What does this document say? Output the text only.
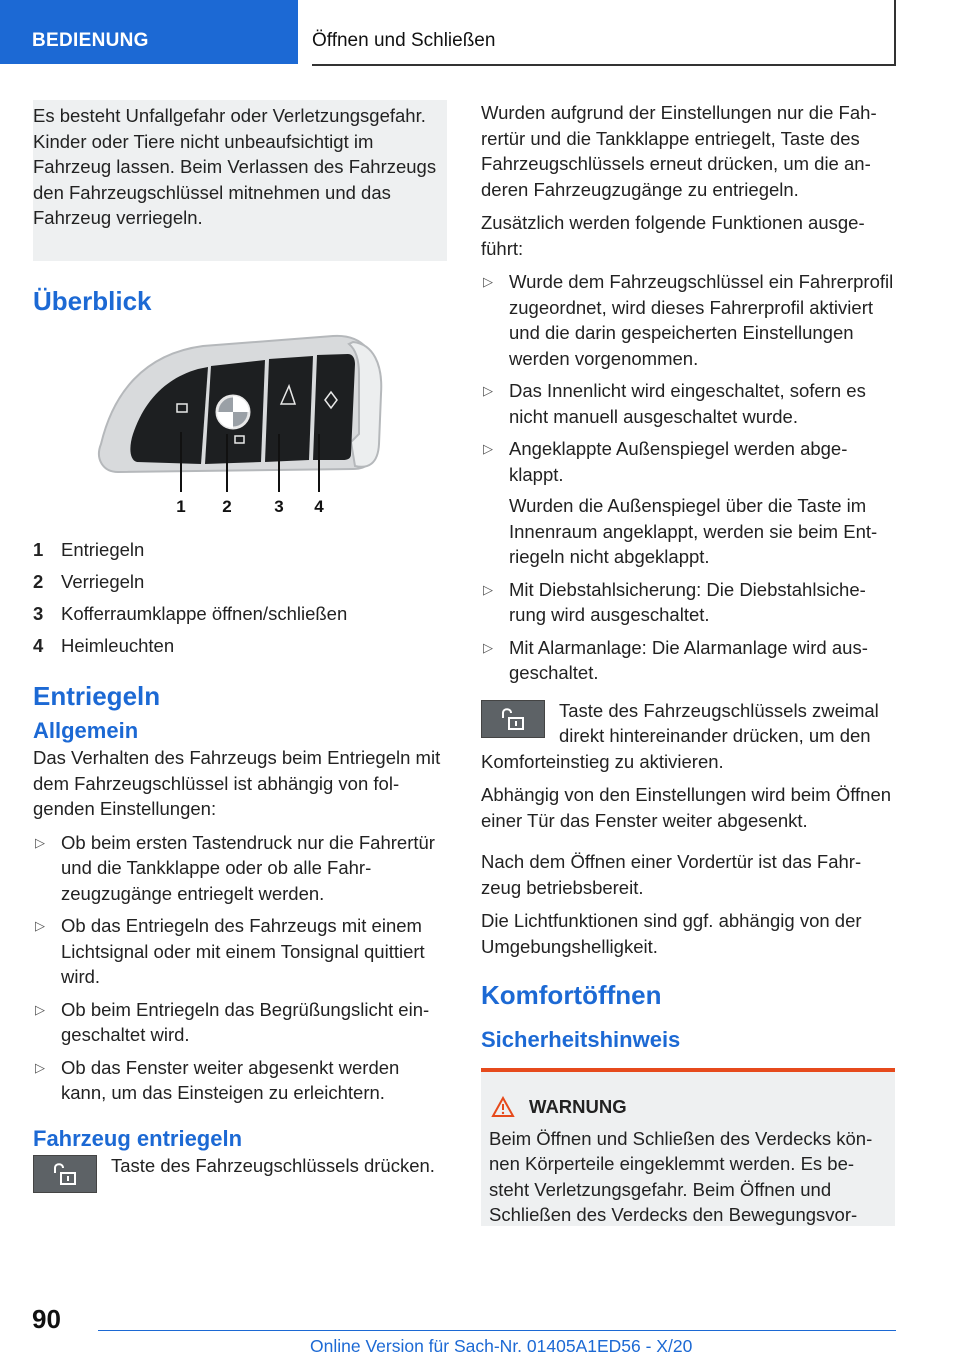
BEDIENUNG	Öffnen und Schließen

Es besteht Unfallgefahr oder Verletzungsgefahr. Kinder oder Tiere nicht unbeaufsichtigt im Fahrzeug lassen. Beim Verlassen des Fahrzeugs den Fahrzeugschlüssel mitnehmen und das Fahrzeug verriegeln.

Überblick
1 2	3 4
1 Entriegeln
2 Verriegeln
3 Kofferraumklappe öffnen/schließen
4 Heimleuchten
Entriegeln
Allgemein

Das Verhalten des Fahrzeugs beim Entriegeln mit dem Fahrzeugschlüssel ist abhängig von folgenden Einstellungen:

▷ Ob beim ersten Tastendruck nur die Fahrertür und die Tankklappe oder ob alle Fahrzeugzugänge entriegelt werden.
▷ Ob das Entriegeln des Fahrzeugs mit einem Lichtsignal oder mit einem Tonsignal quittiert wird.
▷ Ob beim Entriegeln das Begrüßungslicht eingeschaltet wird.
▷ Ob das Fenster weiter abgesenkt werden kann, um das Einsteigen zu erleichtern.
Fahrzeug entriegeln

Taste des Fahrzeugschlüssels drücken.

Wurden aufgrund der Einstellungen nur die Fahrertür und die Tankklappe entriegelt, Taste des Fahrzeugschlüssels erneut drücken, um die anderen Fahrzeugzugänge zu entriegeln.

Zusätzlich werden folgende Funktionen ausgeführt:

▷ Wurde dem Fahrzeugschlüssel ein Fahrerprofil zugeordnet, wird dieses Fahrerprofil aktiviert und die darin gespeicherten Einstellungen werden vorgenommen.
▷ Das Innenlicht wird eingeschaltet, sofern es nicht manuell ausgeschaltet wurde.
▷ Angeklappte Außenspiegel werden abgeklappt.
Wurden die Außenspiegel über die Taste im Innenraum angeklappt, werden sie beim Entriegeln nicht abgeklappt.
▷ Mit Diebstahlsicherung: Die Diebstahlsicherung wird ausgeschaltet.
▷ Mit Alarmanlage: Die Alarmanlage wird ausgeschaltet.

Taste des Fahrzeugschlüssels zweimal direkt hintereinander drücken, um den Komforteinstieg zu aktivieren.

Abhängig von den Einstellungen wird beim Öffnen einer Tür das Fenster weiter abgesenkt.

Nach dem Öffnen einer Vordertür ist das Fahrzeug betriebsbereit.

Die Lichtfunktionen sind ggf. abhängig von der Umgebungshelligkeit.

Komfortöffnen
Sicherheitshinweis
WARNUNG

Beim Öffnen und Schließen des Verdecks können Körperteile eingeklemmt werden. Es besteht Verletzungsgefahr. Beim Öffnen und Schließen des Verdecks den Bewegungsvor-

90
Online Version für Sach-Nr. 01405A1ED56 - X/20
